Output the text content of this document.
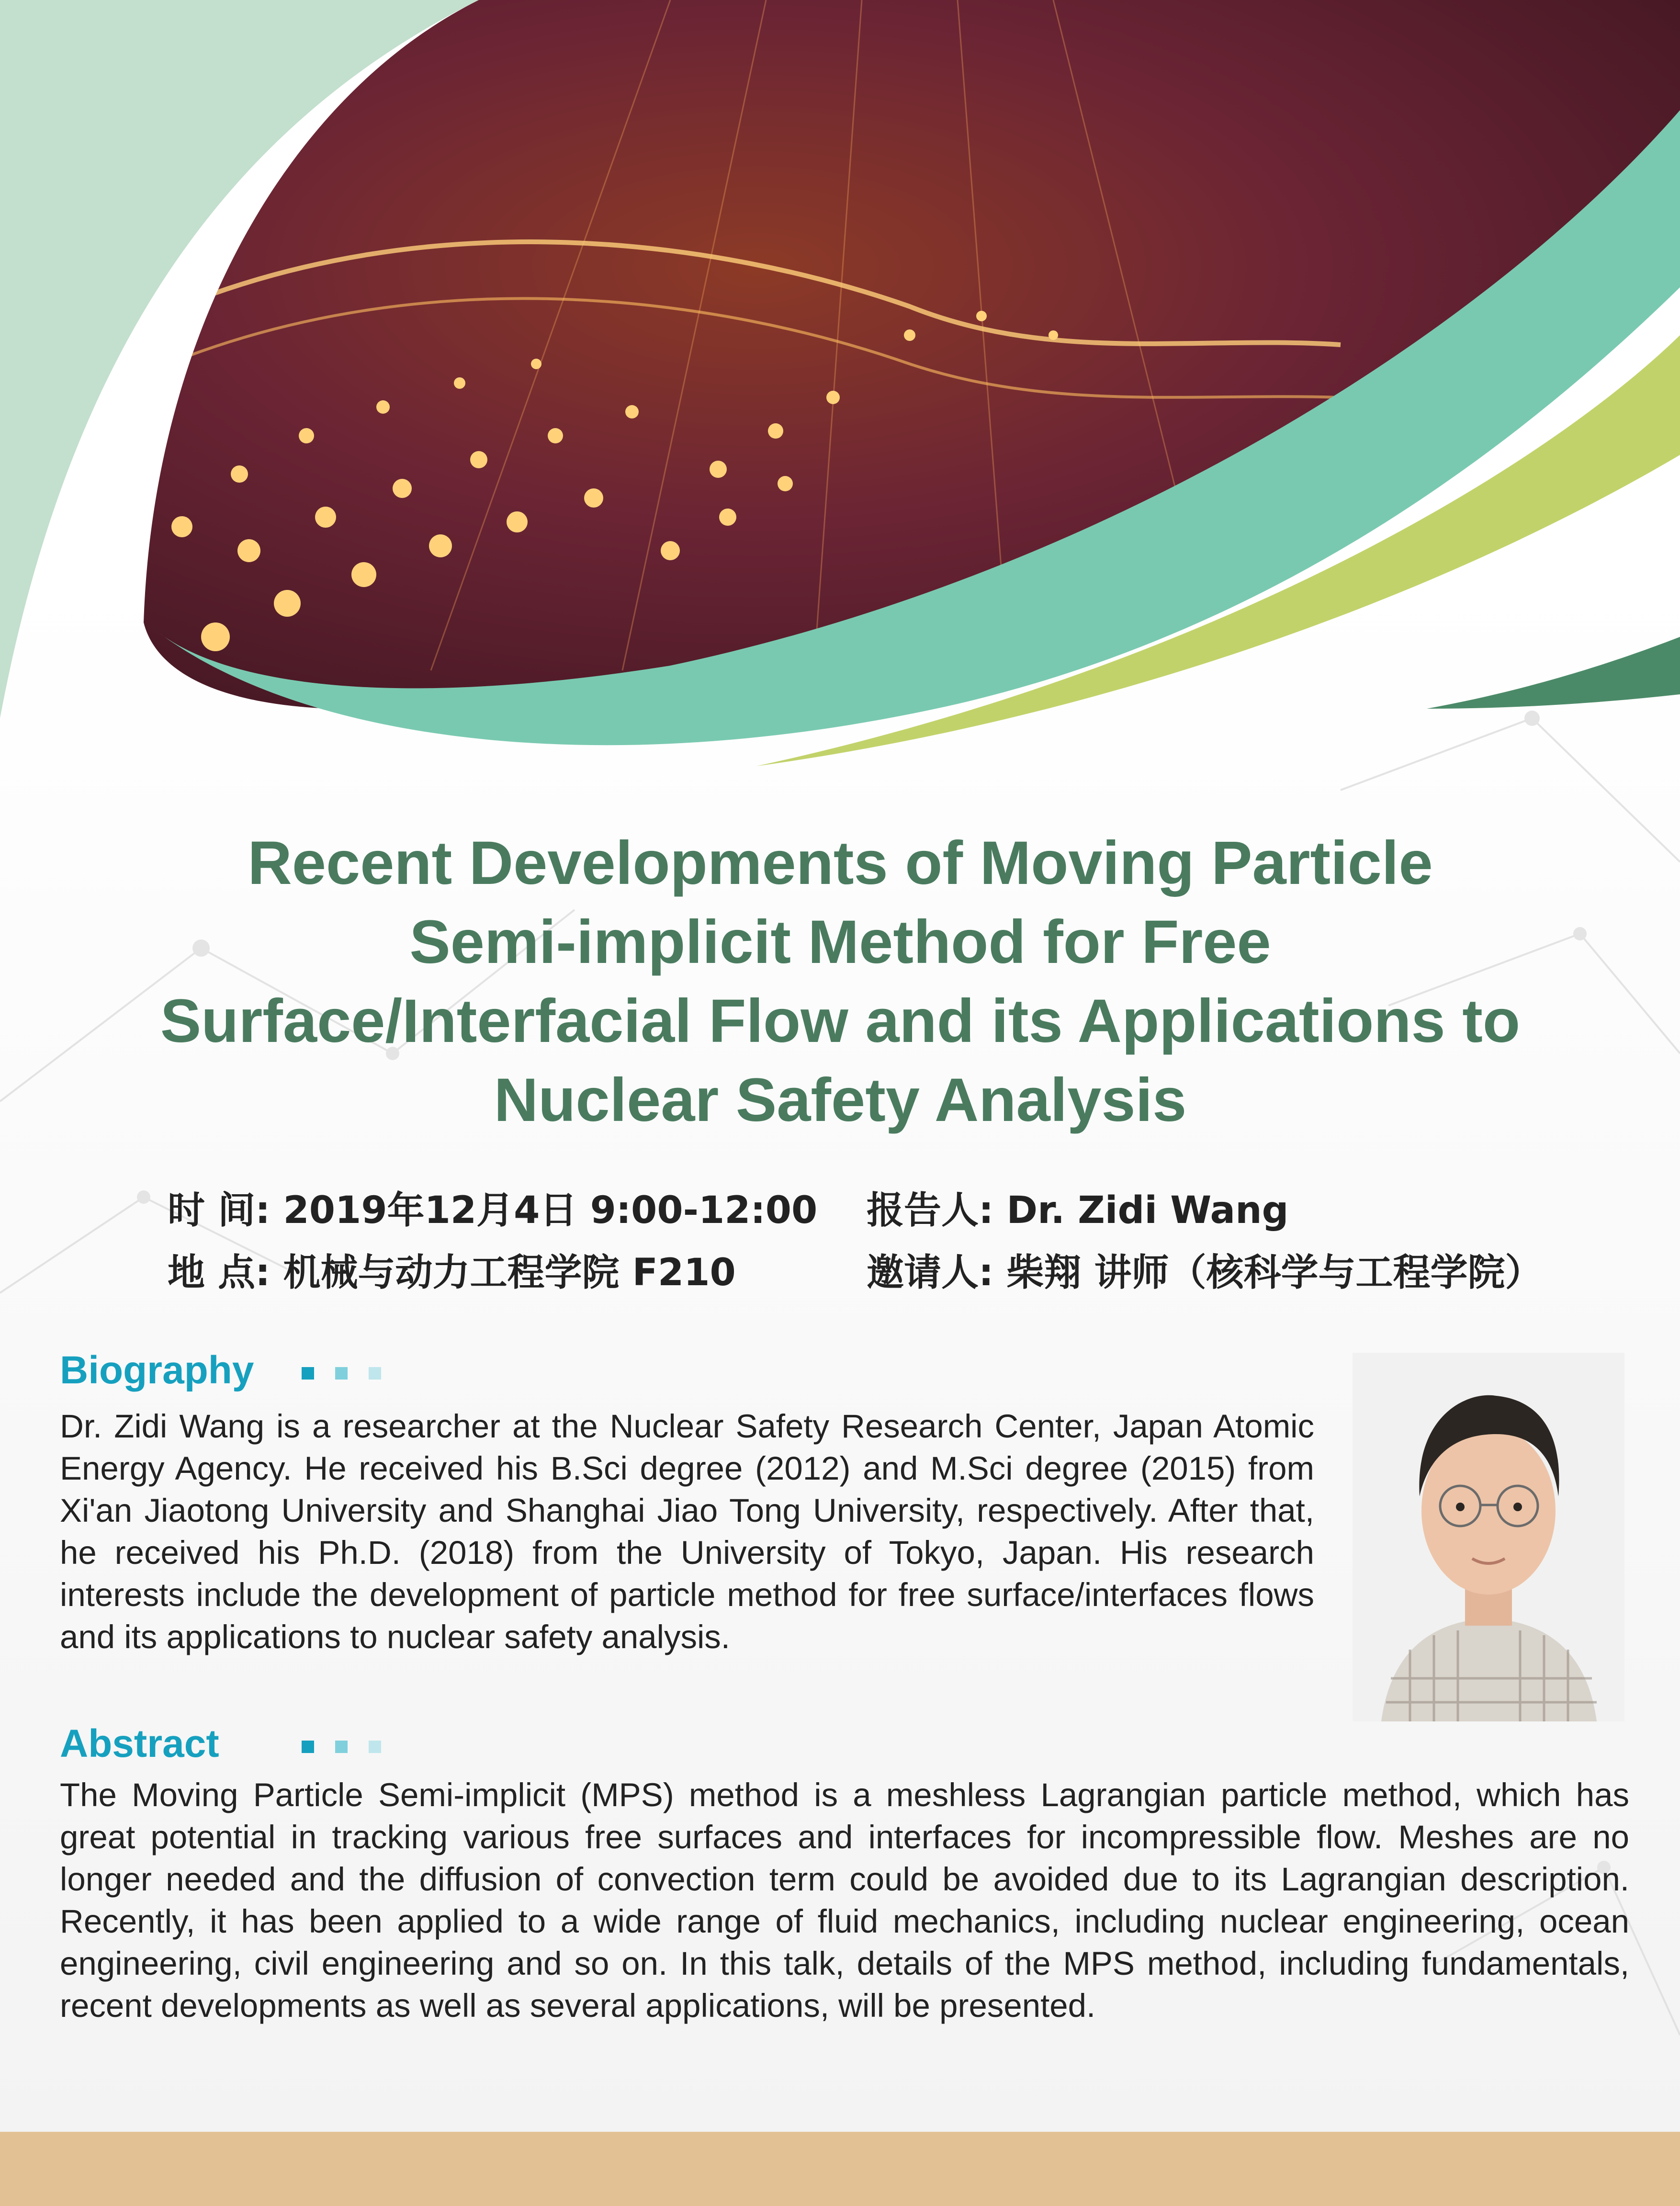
Recent Developments of Moving Particle
Semi-implicit Method for Free
Surface/Interfacial Flow and its Applications to
Nuclear Safety Analysis
时 间: 2019年12月4日 9:00-12:00
地 点: 机械与动力工程学院 F210
报告人: Dr. Zidi Wang
邀请人: 柴翔 讲师（核科学与工程学院）
Biography
Dr. Zidi Wang is a researcher at the Nuclear Safety Research Center, Japan Atomic Energy Agency. He received his B.Sci degree (2012) and M.Sci degree (2015) from Xi'an Jiaotong University and Shanghai Jiao Tong University, respectively. After that, he received his Ph.D. (2018) from the University of Tokyo, Japan. His research interests include the development of particle method for free surface/interfaces flows and its applications to nuclear safety analysis.
Abstract
The Moving Particle Semi-implicit (MPS) method is a meshless Lagrangian particle method, which has great potential in tracking various free surfaces and interfaces for incompressible flow. Meshes are no longer needed and the diffusion of convection term could be avoided due to its Lagrangian description. Recently, it has been applied to a wide range of fluid mechanics, including nuclear engineering, ocean engineering, civil engineering and so on. In this talk, details of the MPS method, including fundamentals, recent developments as well as several applications, will be presented.
